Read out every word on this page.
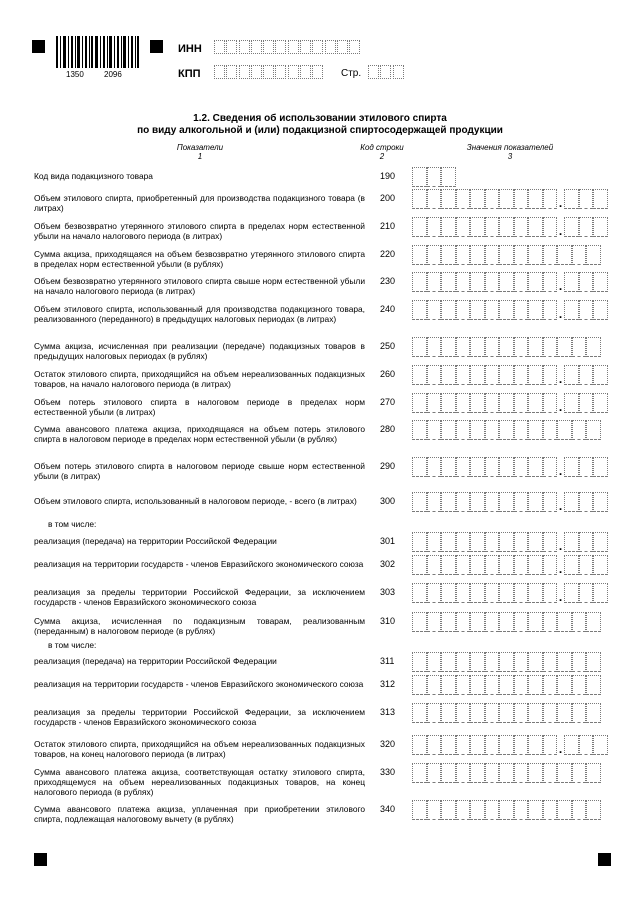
1350	2096
ИНН
КПП	Стр.
1.2. Сведения об использовании этилового спирта
по виду алкогольной и (или) подакцизной спиртосодержащей продукции
Показатели
1
Код строки
2
Значения показателей
3
Код вида подакцизного товара	190
Объем этилового спирта, приобретенный для производства подакцизного товара (в литрах)
200	.
Объем безвозвратно утерянного этилового спирта в пределах норм естественной убыли на начало налогового периода (в литрах)
210	.
Сумма акциза, приходящаяся на объем безвозвратно утерянного этилового спирта в пределах норм естественной убыли (в рублях)
220
Объем безвозвратно утерянного этилового спирта свыше норм естественной убыли на начало налогового периода (в литрах)
230	.
Объем этилового спирта, использованный для производства подакцизного товара, реализованного (переданного) в предыдущих налоговых периодах (в литрах)
240	.
Сумма акциза, исчисленная при реализации (передаче) подакцизных товаров в предыдущих налоговых периодах (в рублях)
250
Остаток этилового спирта, приходящийся на объем нереализованных подакцизных товаров, на начало налогового периода (в литрах)
260	.
Объем потерь этилового спирта в налоговом периоде в пределах норм естественной убыли (в литрах)
270	.
Сумма авансового платежа акциза, приходящаяся на объем потерь этилового спирта в налоговом периоде в пределах норм естественной убыли (в рублях)
280
Объем потерь этилового спирта в налоговом периоде свыше норм естественной убыли (в литрах)
290	.
Объем этилового спирта, использованный в налоговом периоде, - всего (в литрах)	300	.
в том числе:
реализация (передача) на территории Российской Федерации	301	.
реализация на территории государств - членов Евразийского экономического союза 302	.
реализация за пределы территории Российской Федерации, за исключением государств - членов Евразийского экономического союза
303	.
Сумма акциза, исчисленная по подакцизным товарам, реализованным (переданным) в налоговом периоде (в рублях)
310
в том числе:
реализация (передача) на территории Российской Федерации	311
реализация на территории государств - членов Евразийского экономического союза 312
реализация за пределы территории Российской Федерации, за исключением государств - членов Евразийского экономического союза
313
Остаток этилового спирта, приходящийся на объем нереализованных подакцизных товаров, на конец налогового периода (в литрах)
320	.
Сумма авансового платежа акциза, соответствующая остатку этилового спирта, приходящемуся на объем нереализованных подакцизных товаров, на конец налогового периода (в рублях)
330
Сумма авансового платежа акциза, уплаченная при приобретении этилового спирта, подлежащая налоговому вычету (в рублях)
340
